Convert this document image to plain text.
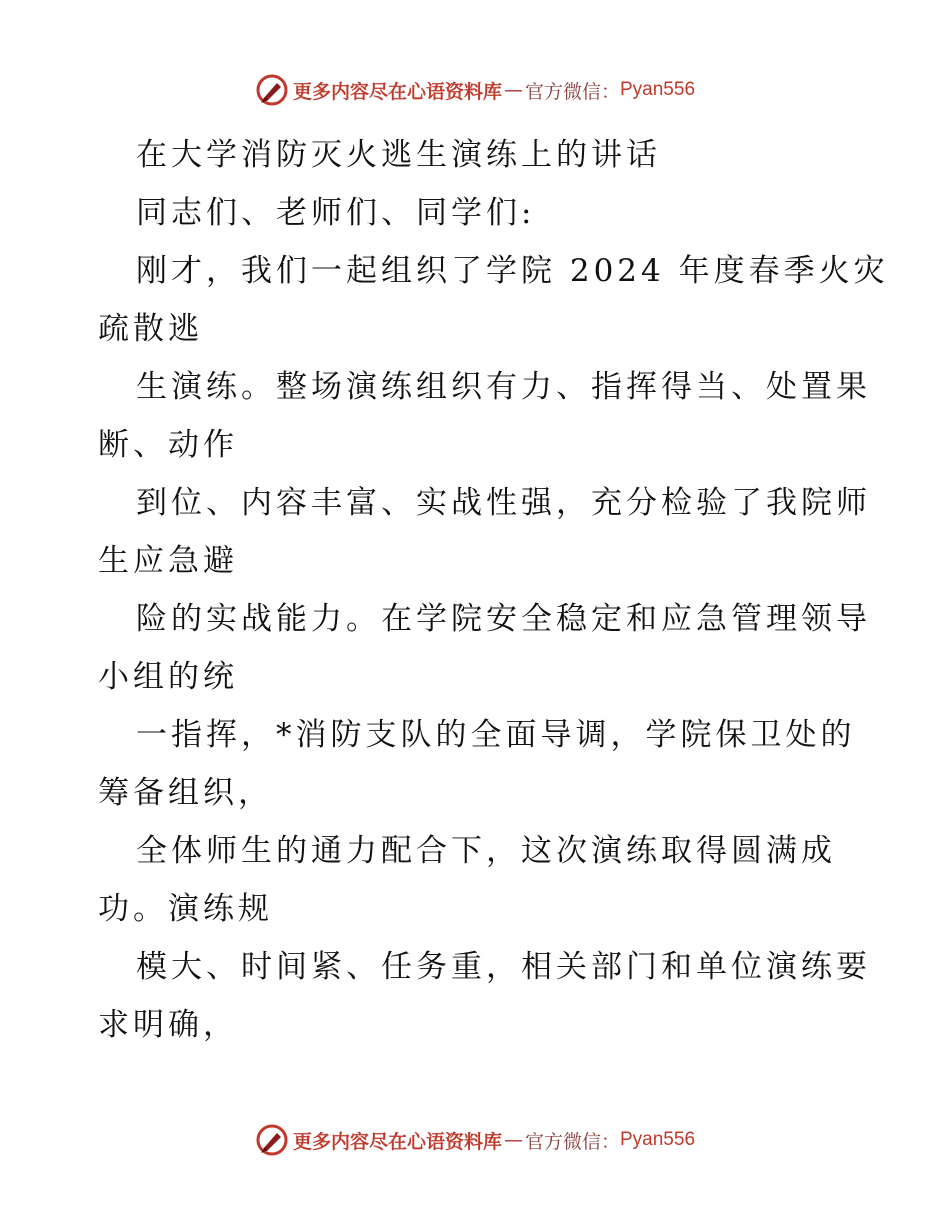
更多内容尽在心语资料库 — 官方微信： Pyan556
在大学消防灭火逃生演练上的讲话
同志们、老师们、同学们:
刚才，我们一起组织了学院 2024 年度春季火灾
疏散逃
生演练。整场演练组织有力、指挥得当、处置果
断、动作
到位、内容丰富、实战性强，充分检验了我院师
生应急避
险的实战能力。在学院安全稳定和应急管理领导
小组的统
一指挥，*消防支队的全面导调，学院保卫处的
筹备组织，
全体师生的通力配合下，这次演练取得圆满成
功。演练规
模大、时间紧、任务重，相关部门和单位演练要
求明确，
更多内容尽在心语资料库 — 官方微信： Pyan556
